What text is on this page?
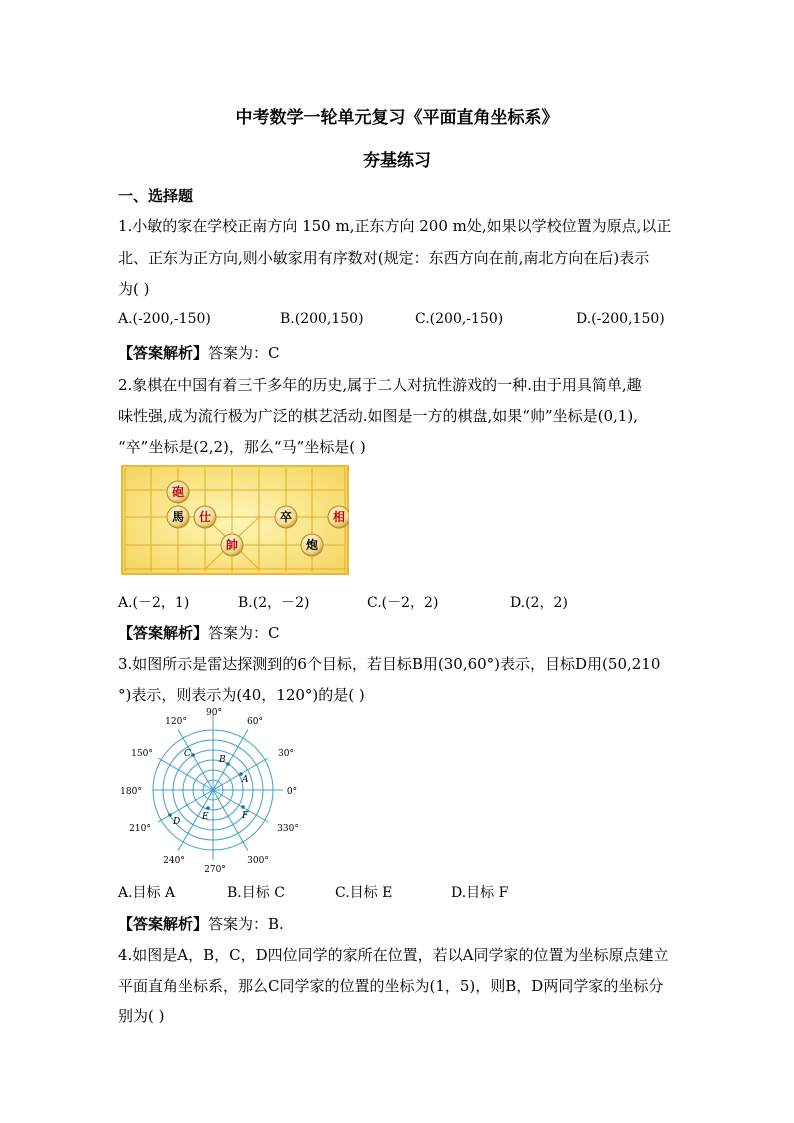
中考数学一轮单元复习《平面直角坐标系》
夯基练习
一、选择题
1.小敏的家在学校正南方向 150 m,正东方向 200 m处,如果以学校位置为原点,以正
北、正东为正方向,则小敏家用有序数对(规定：东西方向在前,南北方向在后)表示
为( )
A.(-200,-150)	B.(200,150)	C.(200,-150)	D.(-200,150)
【答案解析】答案为：C
2.象棋在中国有着三千多年的历史,属于二人对抗性游戏的一种.由于用具简单,趣
味性强,成为流行极为广泛的棋艺活动.如图是一方的棋盘,如果“帅”坐标是(0,1),
“卒”坐标是(2,2)，那么“马”坐标是( )
砲
馬 仕
帥
卒
炮
相
A.(－2，1)	B.(2，－2)	C.(－2，2)	D.(2，2)
【答案解析】答案为：C
3.如图所示是雷达探测到的6个目标，若目标B用(30,60°)表示，目标D用(50,210
°)表示，则表示为(40，120°)的是( )
90°
60°
120°
30°
150°
180°	0°
210°	330°
240°	300°
270°
A
B
C
D E	F
A.目标 A	B.目标 C	C.目标 E	D.目标 F
【答案解析】答案为：B.
4.如图是A，B，C，D四位同学的家所在位置，若以A同学家的位置为坐标原点建立
平面直角坐标系，那么C同学家的位置的坐标为(1，5)，则B，D两同学家的坐标分
别为( )
